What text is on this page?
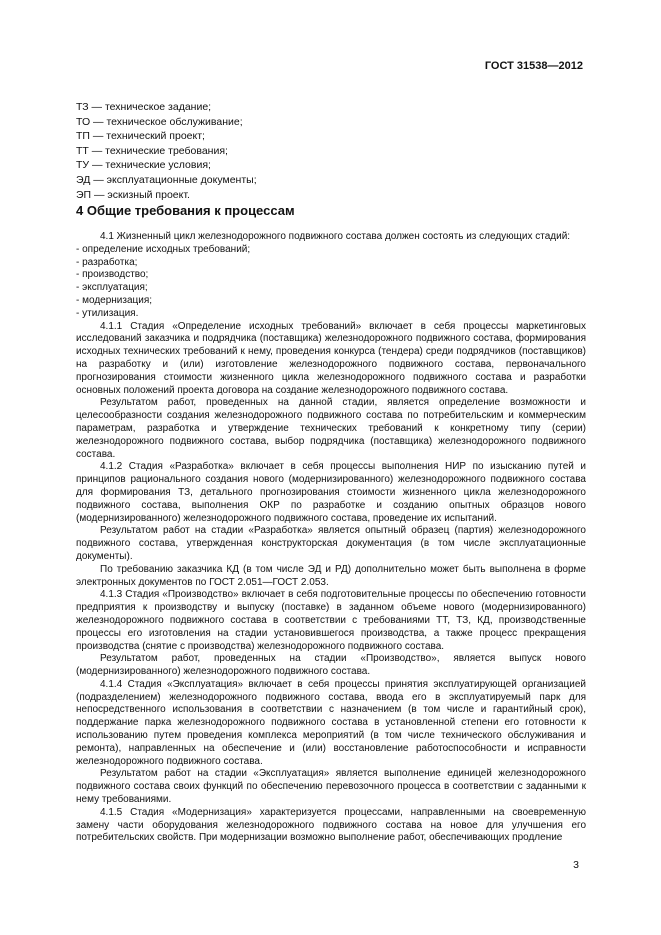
ГОСТ 31538—2012
ТЗ — техническое задание;
ТО — техническое обслуживание;
ТП — технический проект;
ТТ — технические требования;
ТУ — технические условия;
ЭД — эксплуатационные документы;
ЭП — эскизный проект.
4 Общие требования к процессам

4.1 Жизненный цикл железнодорожного подвижного состава должен состоять из следующих стадий:

- определение исходных требований;

- разработка;

- производство;

- эксплуатация;

- модернизация;

- утилизация.

4.1.1 Стадия «Определение исходных требований» включает в себя процессы маркетинговых исследований заказчика и подрядчика (поставщика) железнодорожного подвижного состава, формирования исходных технических требований к нему, проведения конкурса (тендера) среди подрядчиков (поставщиков) на разработку и (или) изготовление железнодорожного подвижного состава, первоначального прогнозирования стоимости жизненного цикла железнодорожного подвижного состава и разработки основных положений проекта договора на создание железнодорожного подвижного состава.

Результатом работ, проведенных на данной стадии, является определение возможности и целесообразности создания железнодорожного подвижного состава по потребительским и коммерческим параметрам, разработка и утверждение технических требований к конкретному типу (серии) железнодорожного подвижного состава, выбор подрядчика (поставщика) железнодорожного подвижного состава.

4.1.2 Стадия «Разработка» включает в себя процессы выполнения НИР по изысканию путей и принципов рационального создания нового (модернизированного) железнодорожного подвижного состава для формирования ТЗ, детального прогнозирования стоимости жизненного цикла железнодорожного подвижного состава, выполнения ОКР по разработке и созданию опытных образцов нового (модернизированного) железнодорожного подвижного состава, проведение их испытаний.

Результатом работ на стадии «Разработка» является опытный образец (партия) железнодорожного подвижного состава, утвержденная конструкторская документация (в том числе эксплуатационные документы).

По требованию заказчика КД (в том числе ЭД и РД) дополнительно может быть выполнена в форме электронных документов по ГОСТ 2.051—ГОСТ 2.053.

4.1.3 Стадия «Производство» включает в себя подготовительные процессы по обеспечению готовности предприятия к производству и выпуску (поставке) в заданном объеме нового (модернизированного) железнодорожного подвижного состава в соответствии с требованиями ТТ, ТЗ, КД, производственные процессы его изготовления на стадии установившегося производства, а также процесс прекращения производства (снятие с производства) железнодорожного подвижного состава.

Результатом работ, проведенных на стадии «Производство», является выпуск нового (модернизированного) железнодорожного подвижного состава.

4.1.4 Стадия «Эксплуатация» включает в себя процессы принятия эксплуатирующей организацией (подразделением) железнодорожного подвижного состава, ввода его в эксплуатируемый парк для непосредственного использования в соответствии с назначением (в том числе и гарантийный срок), поддержание парка железнодорожного подвижного состава в установленной степени его готовности к использованию путем проведения комплекса мероприятий (в том числе технического обслуживания и ремонта), направленных на обеспечение и (или) восстановление работоспособности и исправности железнодорожного подвижного состава.

Результатом работ на стадии «Эксплуатация» является выполнение единицей железнодорожного подвижного состава своих функций по обеспечению перевозочного процесса в соответствии с заданными к нему требованиями.

4.1.5 Стадия «Модернизация» характеризуется процессами, направленными на своевременную замену части оборудования железнодорожного подвижного состава на новое для улучшения его потребительских свойств. При модернизации возможно выполнение работ, обеспечивающих продление

3
